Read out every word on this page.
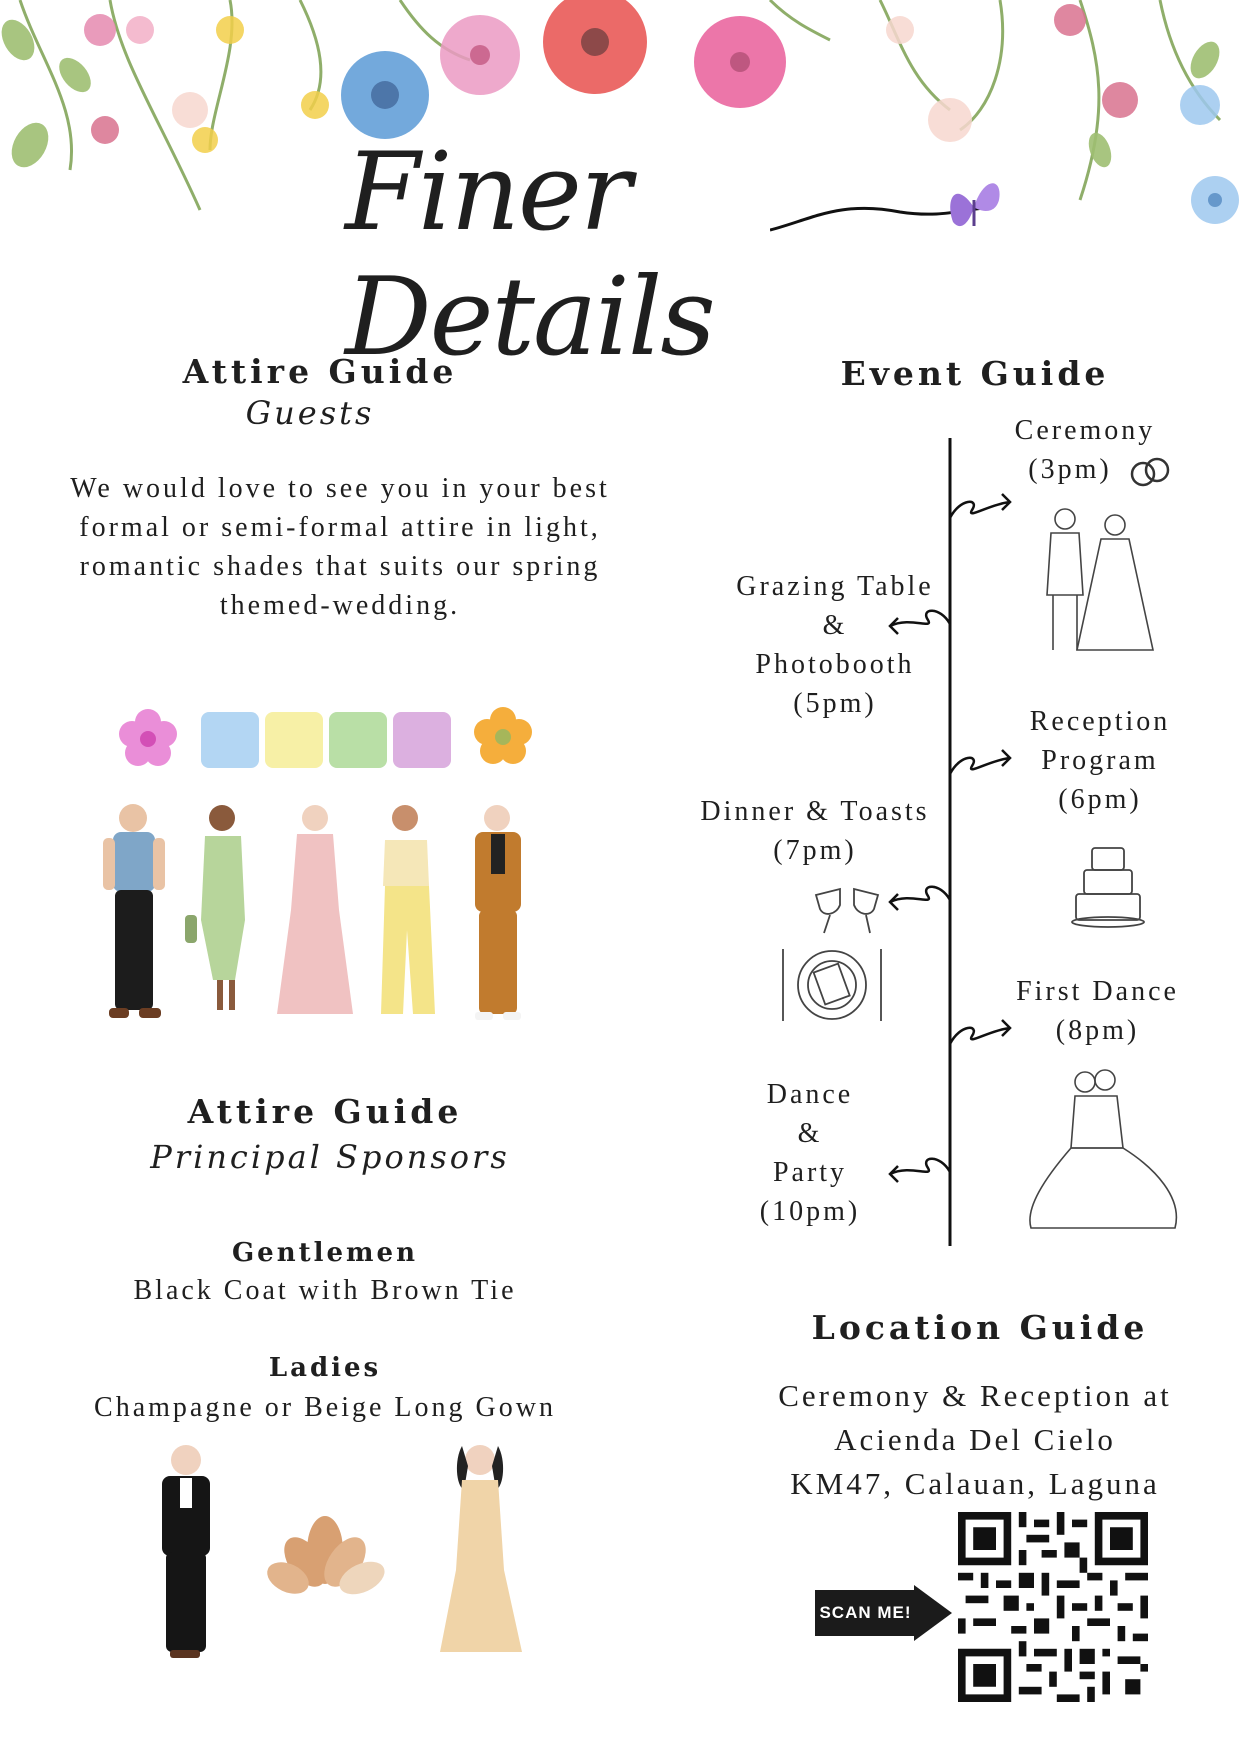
Finer Details
Attire Guide
Guests
We would love to see you in your best formal or semi-formal attire in light, romantic shades that suits our spring themed-wedding.
Attire Guide
Principal Sponsors
Gentlemen
Black Coat with Brown Tie
Ladies
Champagne or Beige Long Gown
Event Guide
Ceremony
(3pm)
Grazing Table
&
Photobooth
(5pm)
Reception
Program
(6pm)
Dinner & Toasts
(7pm)
First Dance
(8pm)
Dance
&
Party
(10pm)
Location Guide
Ceremony & Reception at
Acienda Del Cielo
KM47, Calauan, Laguna
SCAN ME!
